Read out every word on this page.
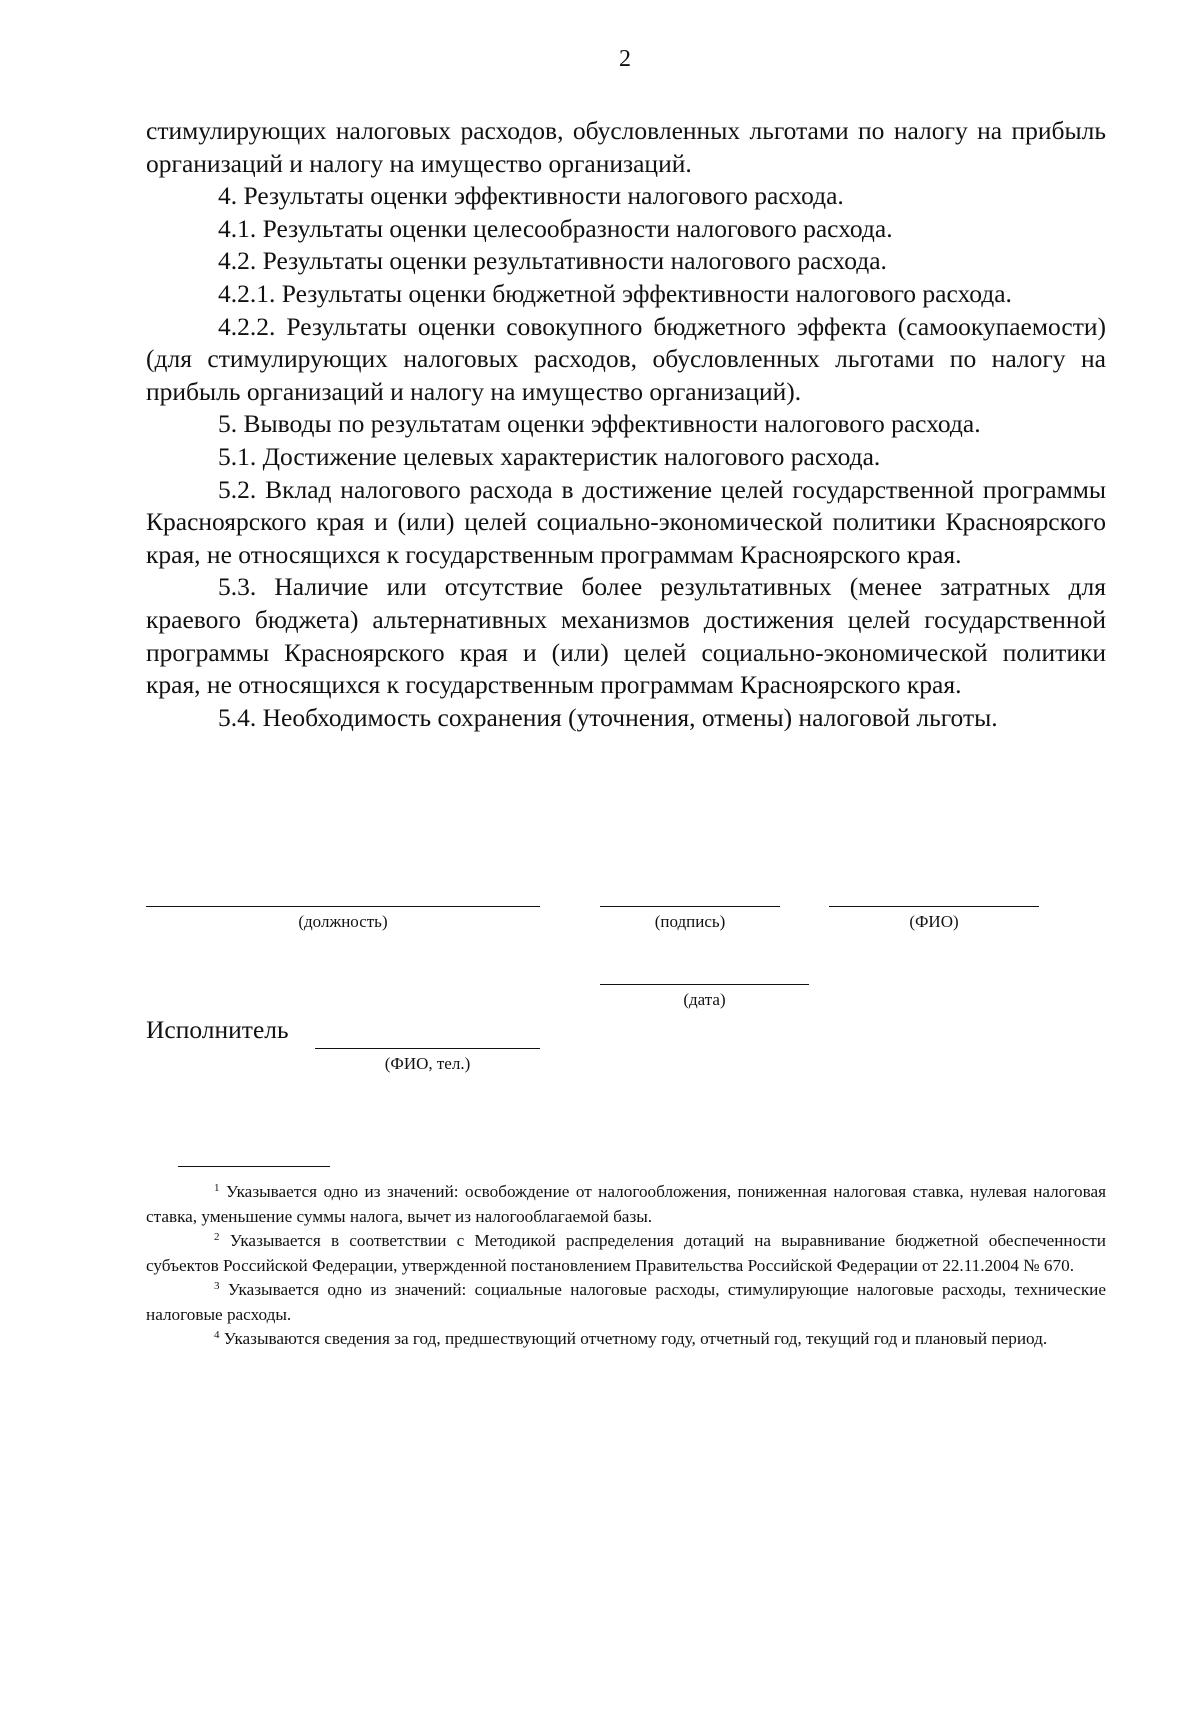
2

стимулирующих налоговых расходов, обусловленных льготами по налогу на прибыль организаций и налогу на имущество организаций.

4. Результаты оценки эффективности налогового расхода.

4.1. Результаты оценки целесообразности налогового расхода.

4.2. Результаты оценки результативности налогового расхода.

4.2.1. Результаты оценки бюджетной эффективности налогового расхода.

4.2.2. Результаты оценки совокупного бюджетного эффекта (самоокупаемости) (для стимулирующих налоговых расходов, обусловленных льготами по налогу на прибыль организаций и налогу на имущество организаций).

5. Выводы по результатам оценки эффективности налогового расхода.

5.1. Достижение целевых характеристик налогового расхода.

5.2. Вклад налогового расхода в достижение целей государственной программы Красноярского края и (или) целей социально-экономической политики Красноярского края, не относящихся к государственным программам Красноярского края.

5.3. Наличие или отсутствие более результативных (менее затратных для краевого бюджета) альтернативных механизмов достижения целей государственной программы Красноярского края и (или) целей социально-экономической политики края, не относящихся к государственным программам Красноярского края.

5.4. Необходимость сохранения (уточнения, отмены) налоговой льготы.

(должность)	(подпись)	(ФИО)
(дата)
Исполнитель
(ФИО, тел.)

$^1$ Указывается одно из значений: освобождение от налогообложения, пониженная налоговая ставка, нулевая налоговая ставка, уменьшение суммы налога, вычет из налогооблагаемой базы.

$^2$ Указывается в соответствии с Методикой распределения дотаций на выравнивание бюджетной обеспеченности субъектов Российской Федерации, утвержденной постановлением Правительства Российской Федерации от 22.11.2004 № 670.

$^3$ Указывается одно из значений: социальные налоговые расходы, стимулирующие налоговые расходы, технические налоговые расходы.

$^4$ Указываются сведения за год, предшествующий отчетному году, отчетный год, текущий год и плановый период.
